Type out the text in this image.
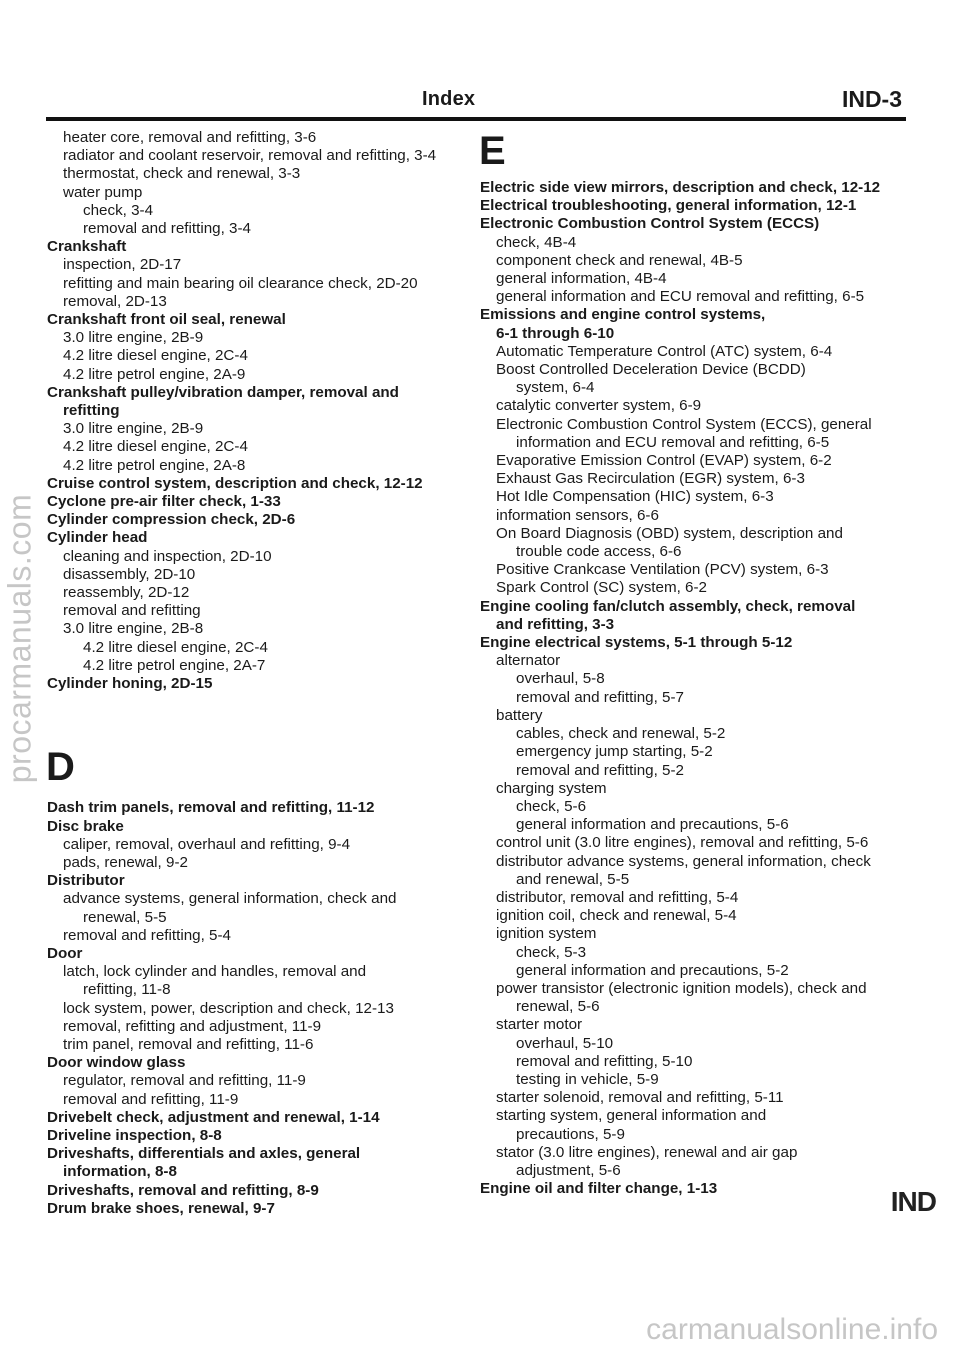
Index	IND-3
heater core, removal and refitting, 3-6
radiator and coolant reservoir, removal and refitting, 3-4
thermostat, check and renewal, 3-3
water pump
check, 3-4
removal and refitting, 3-4
Crankshaft
inspection, 2D-17
refitting and main bearing oil clearance check, 2D-20
removal, 2D-13
Crankshaft front oil seal, renewal
3.0 litre engine, 2B-9
4.2 litre diesel engine, 2C-4
4.2 litre petrol engine, 2A-9
Crankshaft pulley/vibration damper, removal and
refitting
3.0 litre engine, 2B-9
4.2 litre diesel engine, 2C-4
4.2 litre petrol engine, 2A-8
Cruise control system, description and check, 12-12
Cyclone pre-air filter check, 1-33
Cylinder compression check, 2D-6
Cylinder head
cleaning and inspection, 2D-10
disassembly, 2D-10
reassembly, 2D-12
removal and refitting
3.0 litre engine, 2B-8
4.2 litre diesel engine, 2C-4
4.2 litre petrol engine, 2A-7
Cylinder honing, 2D-15
D
Dash trim panels, removal and refitting, 11-12
Disc brake
caliper, removal, overhaul and refitting, 9-4
pads, renewal, 9-2
Distributor
advance systems, general information, check and
renewal, 5-5
removal and refitting, 5-4
Door
latch, lock cylinder and handles, removal and
refitting, 11-8
lock system, power, description and check, 12-13
removal, refitting and adjustment, 11-9
trim panel, removal and refitting, 11-6
Door window glass
regulator, removal and refitting, 11-9
removal and refitting, 11-9
Drivebelt check, adjustment and renewal, 1-14
Driveline inspection, 8-8
Driveshafts, differentials and axles, general
information, 8-8
Driveshafts, removal and refitting, 8-9
Drum brake shoes, renewal, 9-7
E
Electric side view mirrors, description and check, 12-12
Electrical troubleshooting, general information, 12-1
Electronic Combustion Control System (ECCS)
check, 4B-4
component check and renewal, 4B-5
general information, 4B-4
general information and ECU removal and refitting, 6-5
Emissions and engine control systems,
6-1 through 6-10
Automatic Temperature Control (ATC) system, 6-4
Boost Controlled Deceleration Device (BCDD)
system, 6-4
catalytic converter system, 6-9
Electronic Combustion Control System (ECCS), general
information and ECU removal and refitting, 6-5
Evaporative Emission Control (EVAP) system, 6-2
Exhaust Gas Recirculation (EGR) system, 6-3
Hot Idle Compensation (HIC) system, 6-3
information sensors, 6-6
On Board Diagnosis (OBD) system, description and
trouble code access, 6-6
Positive Crankcase Ventilation (PCV) system, 6-3
Spark Control (SC) system, 6-2
Engine cooling fan/clutch assembly, check, removal
and refitting, 3-3
Engine electrical systems, 5-1 through 5-12
alternator
overhaul, 5-8
removal and refitting, 5-7
battery
cables, check and renewal, 5-2
emergency jump starting, 5-2
removal and refitting, 5-2
charging system
check, 5-6
general information and precautions, 5-6
control unit (3.0 litre engines), removal and refitting, 5-6
distributor advance systems, general information, check
and renewal, 5-5
distributor, removal and refitting, 5-4
ignition coil, check and renewal, 5-4
ignition system
check, 5-3
general information and precautions, 5-2
power transistor (electronic ignition models), check and
renewal, 5-6
starter motor
overhaul, 5-10
removal and refitting, 5-10
testing in vehicle, 5-9
starter solenoid, removal and refitting, 5-11
starting system, general information and
precautions, 5-9
stator (3.0 litre engines), renewal and air gap
adjustment, 5-6
Engine oil and filter change, 1-13	IND
procarmanuals.com
carmanualsonline.info
